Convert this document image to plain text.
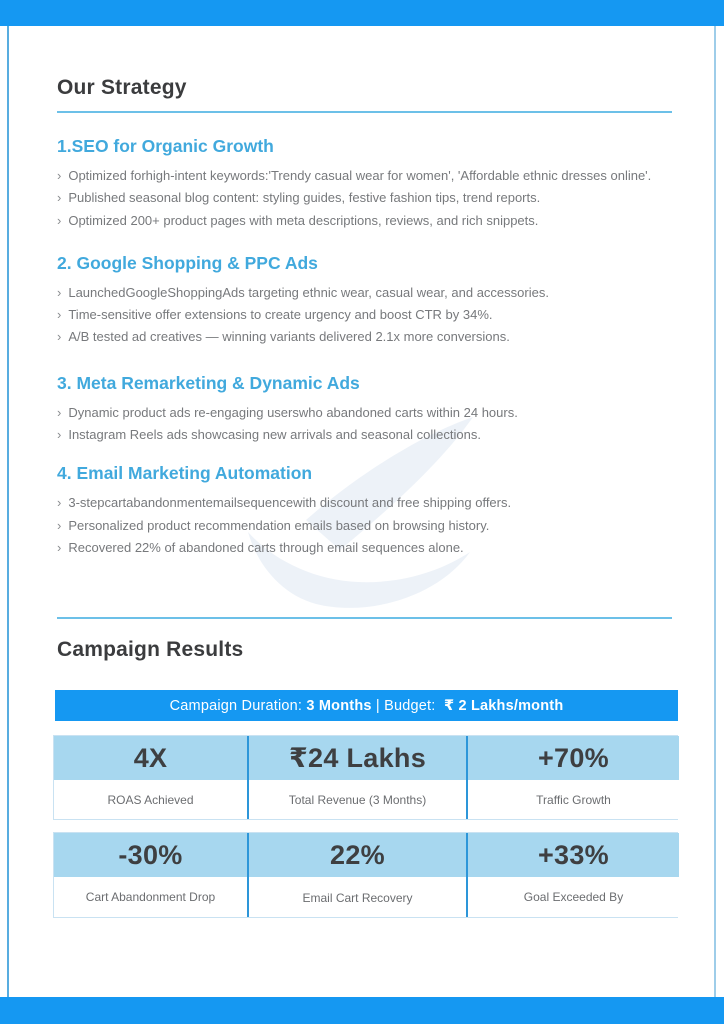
Our Strategy
1.SEO for Organic Growth
› Optimized forhigh-intent keywords:'Trendy casual wear for women', 'Affordable ethnic dresses online'.
› Published seasonal blog content: styling guides, festive fashion tips, trend reports.
› Optimized 200+ product pages with meta descriptions, reviews, and rich snippets.
2. Google Shopping & PPC Ads
› LaunchedGoogleShoppingAds targeting ethnic wear, casual wear, and accessories.
› Time-sensitive offer extensions to create urgency and boost CTR by 34%.
› A/B tested ad creatives — winning variants delivered 2.1x more conversions.
3. Meta Remarketing & Dynamic Ads
› Dynamic product ads re-engaging userswho abandoned carts within 24 hours.
› Instagram Reels ads showcasing new arrivals and seasonal collections.
4. Email Marketing Automation
› 3-stepcartabandonmentemailsequencewith discount and free shipping offers.
› Personalized product recommendation emails based on browsing history.
› Recovered 22% of abandoned carts through email sequences alone.
Campaign Results
Campaign Duration: 3 Months | Budget: ₹ 2 Lakhs/month
4X
ROAS Achieved
₹24 Lakhs
Total Revenue (3 Months)
+70%
Traffic Growth
-30%
Cart Abandonment Drop
22%
Email Cart Recovery
+33%
Goal Exceeded By
